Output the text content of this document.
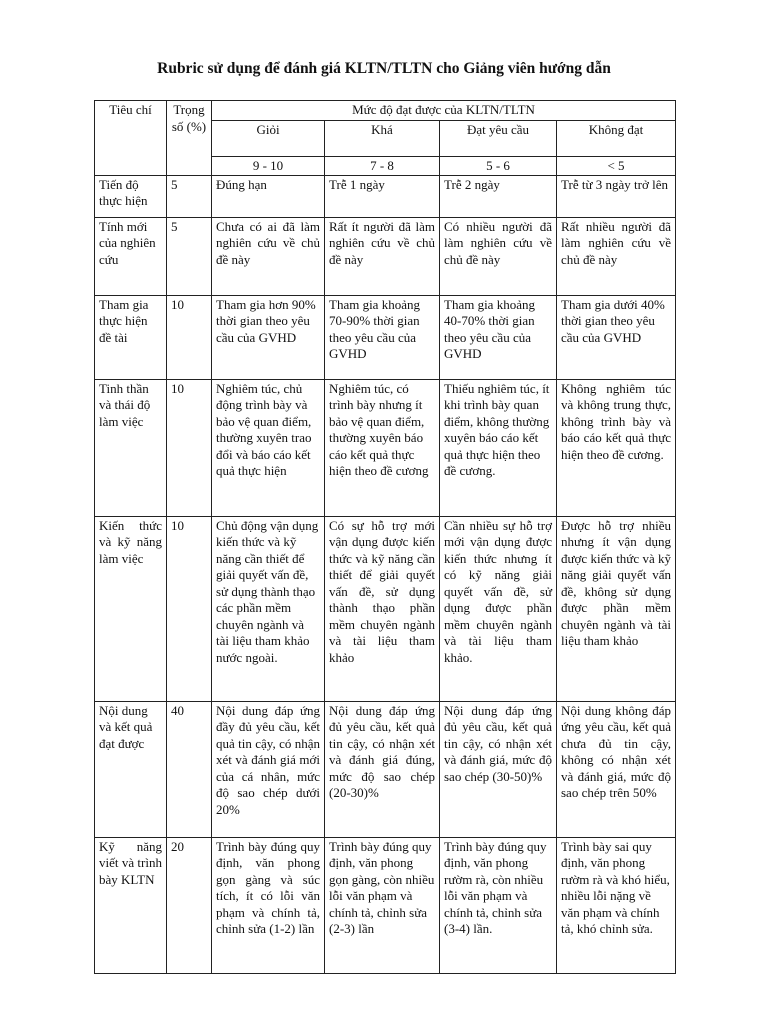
Rubric sử dụng để đánh giá KLTN/TLTN cho Giảng viên hướng dẫn
Tiêu chí	Trọng số (%)	Mức độ đạt được của KLTN/TLTN			
		Giỏi	Khá	Đạt yêu cầu	Không đạt
		9 - 10	7 - 8	5 - 6	< 5
Tiến độ thực hiện	5	Đúng hạn	Trễ 1 ngày	Trễ 2 ngày	Trễ từ 3 ngày trở lên
Tính mới của nghiên cứu	5	Chưa có ai đã làm nghiên cứu về chủ đề này	Rất ít người đã làm nghiên cứu về chủ đề này	Có nhiều người đã làm nghiên cứu về chủ đề này	Rất nhiều người đã làm nghiên cứu về chủ đề này
Tham gia thực hiện đề tài	10	Tham gia hơn 90% thời gian theo yêu cầu của GVHD	Tham gia khoảng 70-90% thời gian theo yêu cầu của GVHD	Tham gia khoảng 40-70% thời gian theo yêu cầu của GVHD	Tham gia dưới 40% thời gian theo yêu cầu của GVHD
Tinh thần và thái độ làm việc	10	Nghiêm túc, chủ động trình bày và bảo vệ quan điểm, thường xuyên trao đổi và báo cáo kết quả thực hiện	Nghiêm túc, có trình bày nhưng ít bảo vệ quan điểm, thường xuyên báo cáo kết quả thực hiện theo đề cương	Thiếu nghiêm túc, ít khi trình bày quan điểm, không thường xuyên báo cáo kết quả thực hiện theo đề cương.	Không nghiêm túc và không trung thực, không trình bày và báo cáo kết quả thực hiện theo đề cương.
Kiến thức và kỹ năng làm việc	10	Chủ động vận dụng kiến thức và kỹ năng cần thiết để giải quyết vấn đề, sử dụng thành thạo các phần mềm chuyên ngành và tài liệu tham khảo nước ngoài.	Có sự hỗ trợ mới vận dụng được kiến thức và kỹ năng cần thiết để giải quyết vấn đề, sử dụng thành thạo phần mềm chuyên ngành và tài liệu tham khảo	Cần nhiều sự hỗ trợ mới vận dụng được kiến thức nhưng ít có kỹ năng giải quyết vấn đề, sử dụng được phần mềm chuyên ngành và tài liệu tham khảo.	Được hỗ trợ nhiều nhưng ít vận dụng được kiến thức và kỹ năng giải quyết vấn đề, không sử dụng được phần mềm chuyên ngành và tài liệu tham khảo
Nội dung và kết quả đạt được	40	Nội dung đáp ứng đầy đủ yêu cầu, kết quả tin cậy, có nhận xét và đánh giá mới của cá nhân, mức độ sao chép dưới 20%	Nội dung đáp ứng đủ yêu cầu, kết quả tin cậy, có nhận xét và đánh giá đúng, mức độ sao chép (20-30)%	Nội dung đáp ứng đủ yêu cầu, kết quả tin cậy, có nhận xét và đánh giá, mức độ sao chép (30-50)%	Nội dung không đáp ứng yêu cầu, kết quả chưa đủ tin cậy, không có nhận xét và đánh giá, mức độ sao chép trên 50%
Kỹ năng viết và trình bày KLTN	20	Trình bày đúng quy định, văn phong gọn gàng và súc tích, ít có lỗi văn phạm và chính tả, chỉnh sửa (1-2) lần	Trình bày đúng quy định, văn phong gọn gàng, còn nhiều lỗi văn phạm và chính tả, chỉnh sửa (2-3) lần	Trình bày đúng quy định, văn phong rườm rà, còn nhiều lỗi văn phạm và chính tả, chỉnh sửa (3-4) lần.	Trình bày sai quy định, văn phong rườm rà và khó hiểu, nhiều lỗi nặng về văn phạm và chính tả, khó chỉnh sửa.
